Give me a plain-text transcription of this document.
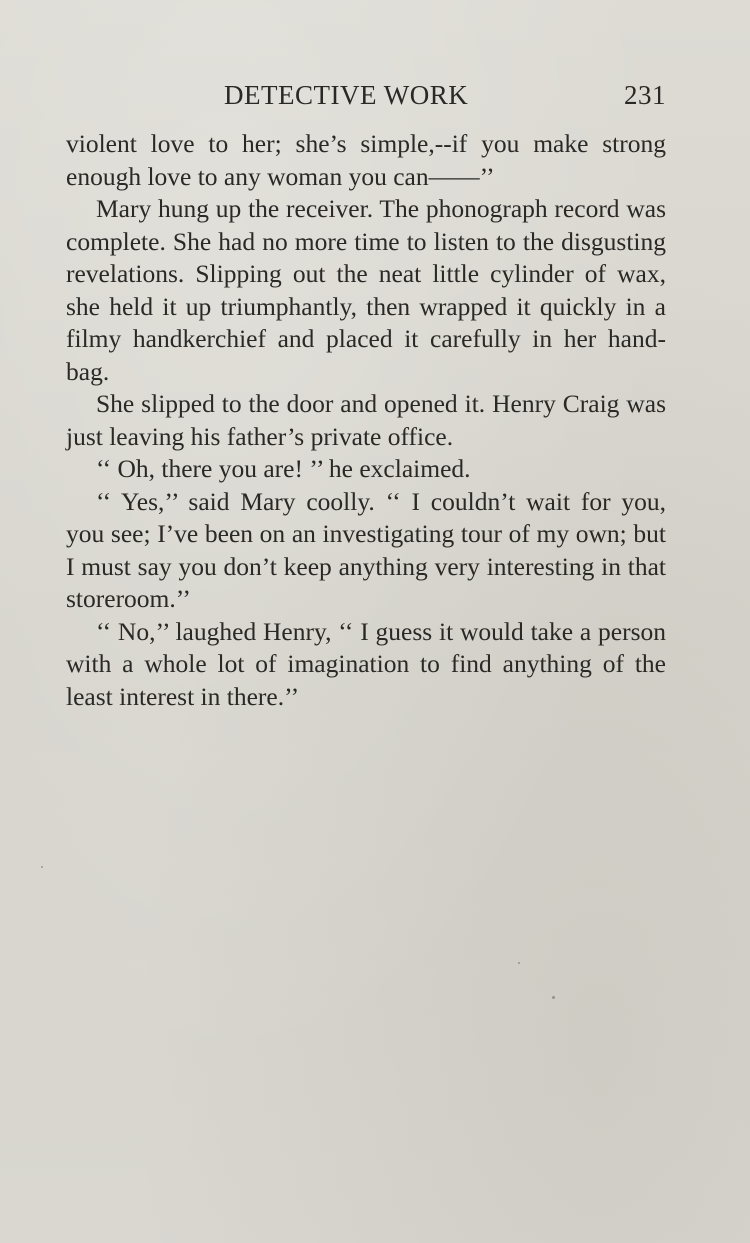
DETECTIVE WORK	231

violent love to her; she’s simple,--if you make strong enough love to any woman you can——’’

Mary hung up the receiver. The phonograph record was complete. She had no more time to listen to the disgusting revelations. Slipping out the neat little cylinder of wax, she held it up triumphantly, then wrapped it quickly in a filmy handkerchief and placed it carefully in her hand-bag.

She slipped to the door and opened it. Henry Craig was just leaving his father’s private office.

‘‘ Oh, there you are! ’’ he exclaimed.

‘‘ Yes,’’ said Mary coolly. ‘‘ I couldn’t wait for you, you see; I’ve been on an investigating tour of my own; but I must say you don’t keep anything very interesting in that storeroom.’’

‘‘ No,’’ laughed Henry, ‘‘ I guess it would take a person with a whole lot of imagination to find anything of the least interest in there.’’
